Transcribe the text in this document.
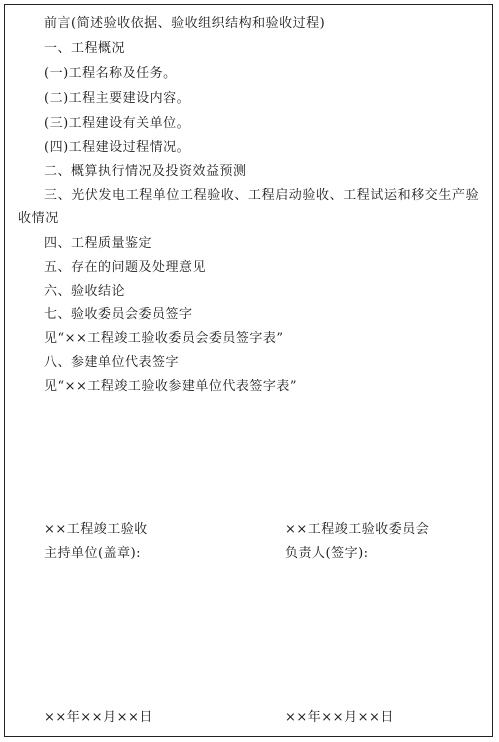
前言(简述验收依据、验收组织结构和验收过程)
一、工程概况
(一)工程名称及任务。
(二)工程主要建设内容。
(三)工程建设有关单位。
(四)工程建设过程情况。
二、概算执行情况及投资效益预测
三、光伏发电工程单位工程验收、工程启动验收、工程试运和移交生产验收情况
四、工程质量鉴定
五、存在的问题及处理意见
六、验收结论
七、验收委员会委员签字
见“××工程竣工验收委员会委员签字表”
八、参建单位代表签字
见“××工程竣工验收参建单位代表签字表”
××工程竣工验收
主持单位(盖章):
××工程竣工验收委员会
负责人(签字):
××年××月××日	××年××月××日
